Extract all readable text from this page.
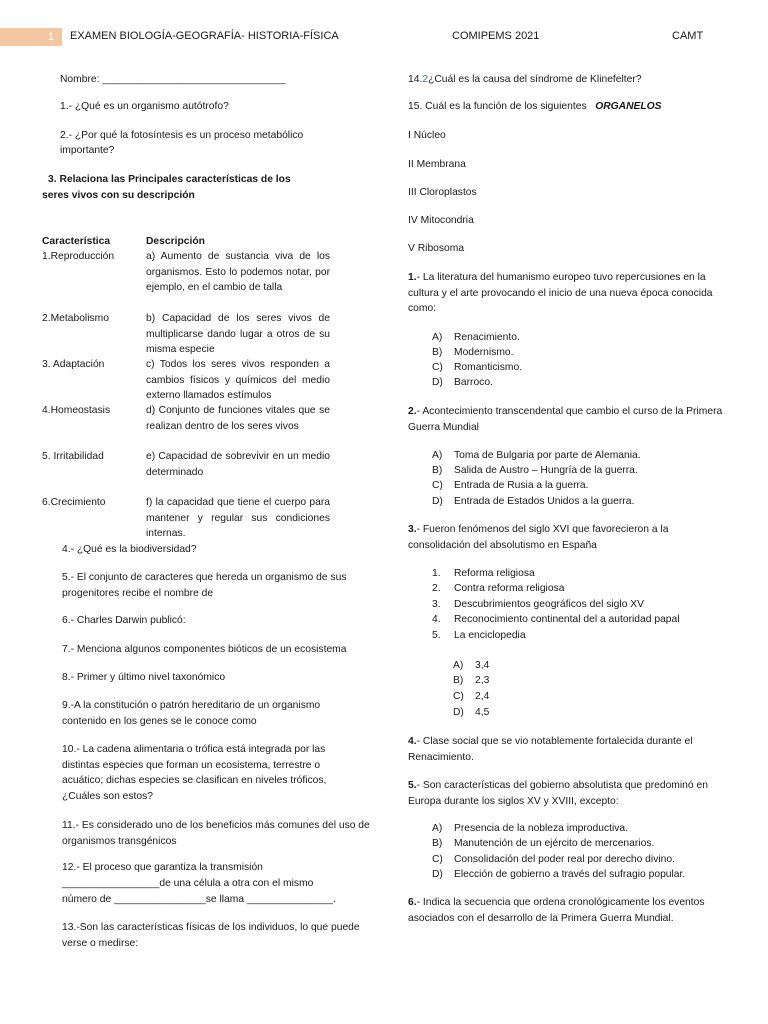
1	EXAMEN BIOLOGÍA-GEOGRAFÍA- HISTORIA-FÍSICA	COMIPEMS 2021	CAMT

Nombre: ________________________________

1.- ¿Qué es un organismo autótrofo?

2.- ¿Por qué la fotosíntesis es un proceso metabólico

importante?

3. Relaciona las Principales características de los

seres vivos con su descripción

Característica	Descripción
1.Reproducción	a) Aumento de sustancia viva de los organismos. Esto lo podemos notar, por ejemplo, en el cambio de talla
2.Metabolismo	b) Capacidad de los seres vivos de multiplicarse dando lugar a otros de su misma especie
3. Adaptación	c) Todos los seres vivos responden a cambios físicos y químicos del medio externo llamados estímulos
4.Homeostasis	d) Conjunto de funciones vitales que se realizan dentro de los seres vivos
5. Irritabilidad	e) Capacidad de sobrevivir en un medio determinado
6.Crecimiento	f) la capacidad que tiene el cuerpo para mantener y regular sus condiciones internas.

4.- ¿Qué es la biodiversidad?

5.- El conjunto de caracteres que hereda un organismo de sus progenitores recibe el nombre de

6.- Charles Darwin publicó:

7.- Menciona algunos componentes bióticos de un ecosistema

8.- Primer y último nivel taxonómico

9.-A la constitución o patrón hereditario de un organismo contenido en los genes se le conoce como

10.- La cadena alimentaria o trófica está integrada por las distintas especies que forman un ecosistema, terrestre o acuático; dichas especies se clasifican en niveles tróficos, ¿Cuáles son estos?

11.- Es considerado uno de los beneficios más comunes del uso de organismos transgénicos

12.- El proceso que garantiza la transmisión

_________________de una célula a otra con el mismo

número de ________________se llama _______________.

13.-Son las características físicas de los individuos, lo que puede verse o medirse:

14.2¿Cuál es la causa del síndrome de Klinefelter?

15. Cuál es la función de los siguientes ORGANELOS

I Núcleo

II Membrana

III Cloroplastos

IV Mitocondria

V Ribosoma

1.- La literatura del humanismo europeo tuvo repercusiones en la cultura y el arte provocando el inicio de una nueva época conocida como:

A)	Renacimiento.
B)	Modernismo.
C)	Romanticismo.
D)	Barroco.

2.- Acontecimiento transcendental que cambio el curso de la Primera Guerra Mundial

A)	Toma de Bulgaria por parte de Alemania.
B)	Salida de Austro – Hungría de la guerra.
C)	Entrada de Rusia a la guerra.
D)	Entrada de Estados Unidos a la guerra.

3.- Fueron fenómenos del siglo XVI que favorecieron a la consolidación del absolutismo en España

1.	Reforma religiosa
2.	Contra reforma religiosa
3.	Descubrimientos geográficos del siglo XV
4.	Reconocimiento continental del a autoridad papal
5.	La enciclopedia
A)	3,4
B)	2,3
C)	2,4
D)	4,5

4.- Clase social que se vio notablemente fortalecida durante el Renacimiento.

5.- Son características del gobierno absolutista que predominó en Europa durante los siglos XV y XVIII, excepto:

A)	Presencia de la nobleza improductiva.
B)	Manutención de un ejército de mercenarios.
C)	Consolidación del poder real por derecho divino.
D)	Elección de gobierno a través del sufragio popular.

6.- Indica la secuencia que ordena cronológicamente los eventos asociados con el desarrollo de la Primera Guerra Mundial.
